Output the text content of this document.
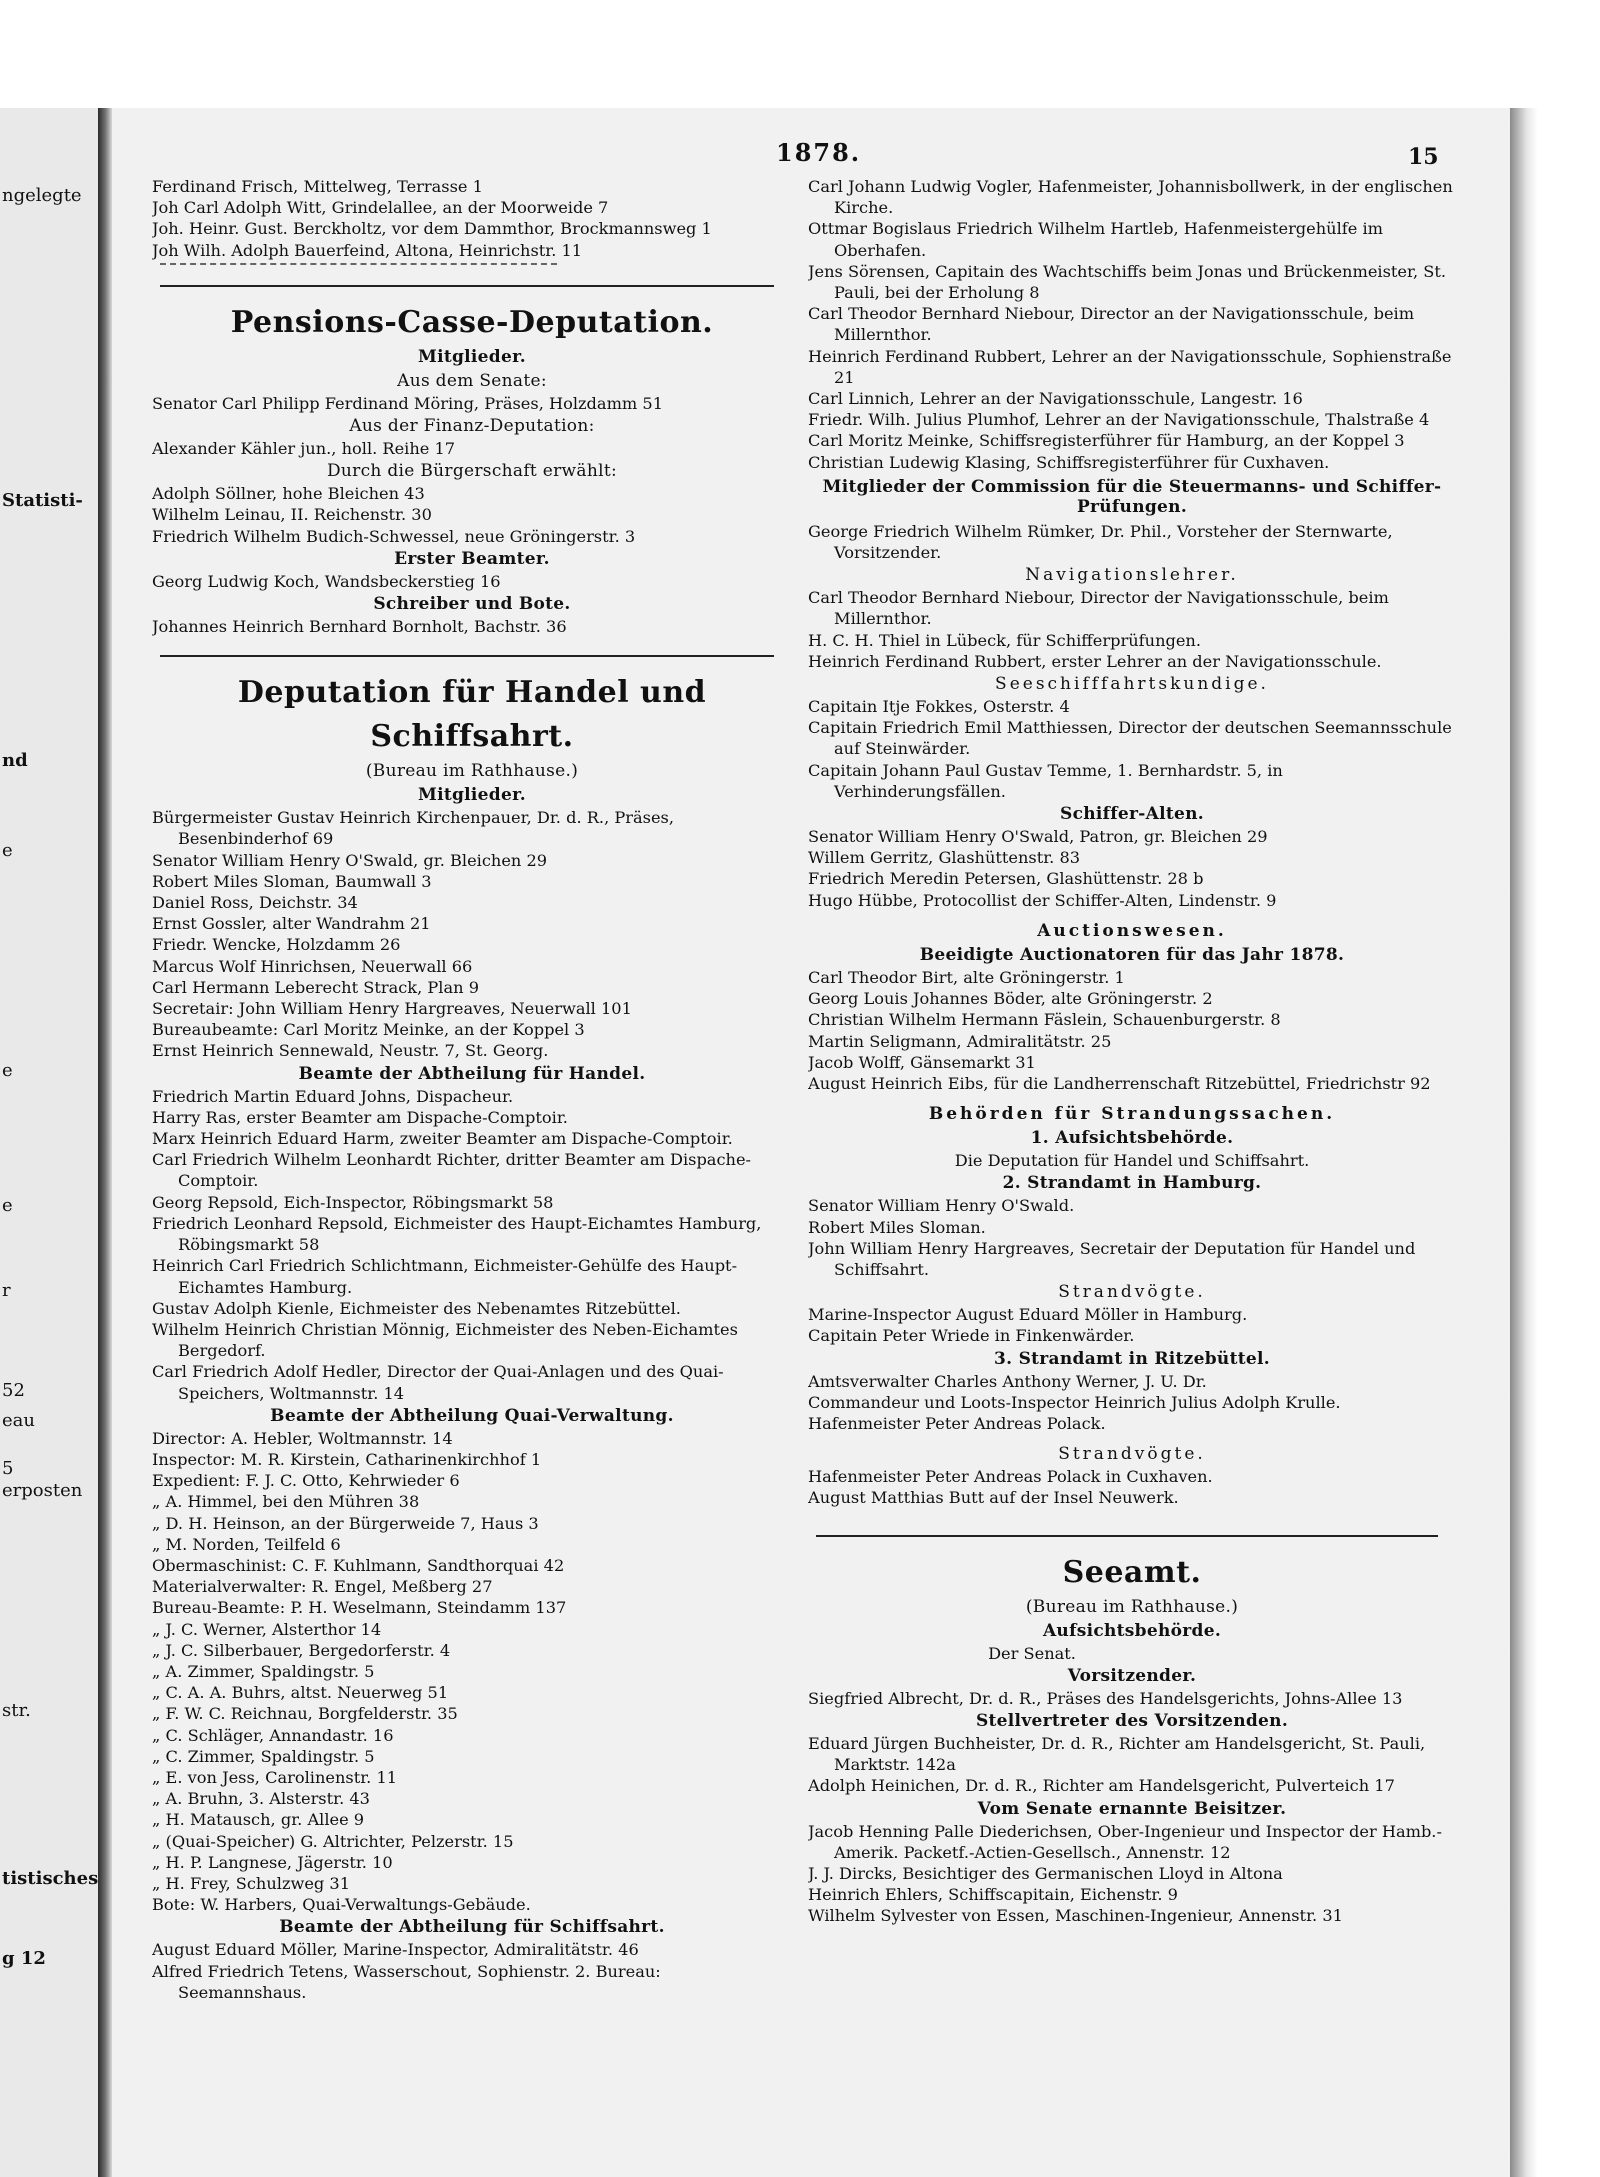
ngelegte
Statisti-
nd
e
e
e
r
52
eau
5
erposten
str.
tistisches
g 12
1878.	15
Ferdinand Frisch, Mittelweg, Terrasse 1
Joh Carl Adolph Witt, Grindelallee, an der Moorweide 7
Joh. Heinr. Gust. Berckholtz, vor dem Dammthor, Brockmannsweg 1
Joh Wilh. Adolph Bauerfeind, Altona, Heinrichstr. 11
Pensions-Casse-Deputation.
Mitglieder.
Aus dem Senate:
Senator Carl Philipp Ferdinand Möring, Präses, Holzdamm 51
Aus der Finanz-Deputation:
Alexander Kähler jun., holl. Reihe 17
Durch die Bürgerschaft erwählt:
Adolph Söllner, hohe Bleichen 43
Wilhelm Leinau, II. Reichenstr. 30
Friedrich Wilhelm Budich-Schwessel, neue Gröningerstr. 3
Erster Beamter.
Georg Ludwig Koch, Wandsbeckerstieg 16
Schreiber und Bote.
Johannes Heinrich Bernhard Bornholt, Bachstr. 36
Deputation für Handel und Schiffsahrt.
(Bureau im Rathhause.)
Mitglieder.
Bürgermeister Gustav Heinrich Kirchenpauer, Dr. d. R., Präses, Besenbinderhof 69
Senator William Henry O'Swald, gr. Bleichen 29
Robert Miles Sloman, Baumwall 3
Daniel Ross, Deichstr. 34
Ernst Gossler, alter Wandrahm 21
Friedr. Wencke, Holzdamm 26
Marcus Wolf Hinrichsen, Neuerwall 66
Carl Hermann Leberecht Strack, Plan 9
Secretair: John William Henry Hargreaves, Neuerwall 101
Bureaubeamte: Carl Moritz Meinke, an der Koppel 3
Ernst Heinrich Sennewald, Neustr. 7, St. Georg.
Beamte der Abtheilung für Handel.
Friedrich Martin Eduard Johns, Dispacheur.
Harry Ras, erster Beamter am Dispache-Comptoir.
Marx Heinrich Eduard Harm, zweiter Beamter am Dispache-Comptoir.
Carl Friedrich Wilhelm Leonhardt Richter, dritter Beamter am Dispache-Comptoir.
Georg Repsold, Eich-Inspector, Röbingsmarkt 58
Friedrich Leonhard Repsold, Eichmeister des Haupt-Eichamtes Hamburg, Röbingsmarkt 58
Heinrich Carl Friedrich Schlichtmann, Eichmeister-Gehülfe des Haupt-Eichamtes Hamburg.
Gustav Adolph Kienle, Eichmeister des Nebenamtes Ritzebüttel.
Wilhelm Heinrich Christian Mönnig, Eichmeister des Neben-Eichamtes Bergedorf.
Carl Friedrich Adolf Hedler, Director der Quai-Anlagen und des Quai-Speichers, Woltmannstr. 14
Beamte der Abtheilung Quai-Verwaltung.
Director: A. Hebler, Woltmannstr. 14
Inspector: M. R. Kirstein, Catharinenkirchhof 1
Expedient: F. J. C. Otto, Kehrwieder 6
„ A. Himmel, bei den Mühren 38
„ D. H. Heinson, an der Bürgerweide 7, Haus 3
„ M. Norden, Teilfeld 6
Obermaschinist: C. F. Kuhlmann, Sandthorquai 42
Materialverwalter: R. Engel, Meßberg 27
Bureau-Beamte: P. H. Weselmann, Steindamm 137
„ J. C. Werner, Alsterthor 14
„ J. C. Silberbauer, Bergedorferstr. 4
„ A. Zimmer, Spaldingstr. 5
„ C. A. A. Buhrs, altst. Neuerweg 51
„ F. W. C. Reichnau, Borgfelderstr. 35
„ C. Schläger, Annandastr. 16
„ C. Zimmer, Spaldingstr. 5
„ E. von Jess, Carolinenstr. 11
„ A. Bruhn, 3. Alsterstr. 43
„ H. Matausch, gr. Allee 9
„ (Quai-Speicher) G. Altrichter, Pelzerstr. 15
„ H. P. Langnese, Jägerstr. 10
„ H. Frey, Schulzweg 31
Bote: W. Harbers, Quai-Verwaltungs-Gebäude.
Beamte der Abtheilung für Schiffsahrt.
August Eduard Möller, Marine-Inspector, Admiralitätstr. 46
Alfred Friedrich Tetens, Wasserschout, Sophienstr. 2. Bureau: Seemannshaus.
Carl Johann Ludwig Vogler, Hafenmeister, Johannisbollwerk, in der englischen Kirche.
Ottmar Bogislaus Friedrich Wilhelm Hartleb, Hafenmeistergehülfe im Oberhafen.
Jens Sörensen, Capitain des Wachtschiffs beim Jonas und Brückenmeister, St. Pauli, bei der Erholung 8
Carl Theodor Bernhard Niebour, Director an der Navigationsschule, beim Millernthor.
Heinrich Ferdinand Rubbert, Lehrer an der Navigationsschule, Sophienstraße 21
Carl Linnich, Lehrer an der Navigationsschule, Langestr. 16
Friedr. Wilh. Julius Plumhof, Lehrer an der Navigationsschule, Thalstraße 4
Carl Moritz Meinke, Schiffsregisterführer für Hamburg, an der Koppel 3
Christian Ludewig Klasing, Schiffsregisterführer für Cuxhaven.
Mitglieder der Commission für die Steuermanns- und Schiffer-Prüfungen.
George Friedrich Wilhelm Rümker, Dr. Phil., Vorsteher der Sternwarte, Vorsitzender.
Navigationslehrer.
Carl Theodor Bernhard Niebour, Director der Navigationsschule, beim Millernthor.
H. C. H. Thiel in Lübeck, für Schifferprüfungen.
Heinrich Ferdinand Rubbert, erster Lehrer an der Navigationsschule.
Seeschifffahrtskundige.
Capitain Itje Fokkes, Osterstr. 4
Capitain Friedrich Emil Matthiessen, Director der deutschen Seemannsschule auf Steinwärder.
Capitain Johann Paul Gustav Temme, 1. Bernhardstr. 5, in Verhinderungsfällen.
Schiffer-Alten.
Senator William Henry O'Swald, Patron, gr. Bleichen 29
Willem Gerritz, Glashüttenstr. 83
Friedrich Meredin Petersen, Glashüttenstr. 28 b
Hugo Hübbe, Protocollist der Schiffer-Alten, Lindenstr. 9
Auctionswesen.
Beeidigte Auctionatoren für das Jahr 1878.
Carl Theodor Birt, alte Gröningerstr. 1
Georg Louis Johannes Böder, alte Gröningerstr. 2
Christian Wilhelm Hermann Fäslein, Schauenburgerstr. 8
Martin Seligmann, Admiralitätstr. 25
Jacob Wolff, Gänsemarkt 31
August Heinrich Eibs, für die Landherrenschaft Ritzebüttel, Friedrichstr 92
Behörden für Strandungssachen.
1. Aufsichtsbehörde.
Die Deputation für Handel und Schiffsahrt.
2. Strandamt in Hamburg.
Senator William Henry O'Swald.
Robert Miles Sloman.
John William Henry Hargreaves, Secretair der Deputation für Handel und Schiffsahrt.
Strandvögte.
Marine-Inspector August Eduard Möller in Hamburg.
Capitain Peter Wriede in Finkenwärder.
3. Strandamt in Ritzebüttel.
Amtsverwalter Charles Anthony Werner, J. U. Dr.
Commandeur und Loots-Inspector Heinrich Julius Adolph Krulle.
Hafenmeister Peter Andreas Polack.
Strandvögte.
Hafenmeister Peter Andreas Polack in Cuxhaven.
August Matthias Butt auf der Insel Neuwerk.
Seeamt.
(Bureau im Rathhause.)
Aufsichtsbehörde.
Der Senat.
Vorsitzender.
Siegfried Albrecht, Dr. d. R., Präses des Handelsgerichts, Johns-Allee 13
Stellvertreter des Vorsitzenden.
Eduard Jürgen Buchheister, Dr. d. R., Richter am Handelsgericht, St. Pauli, Marktstr. 142a
Adolph Heinichen, Dr. d. R., Richter am Handelsgericht, Pulverteich 17
Vom Senate ernannte Beisitzer.
Jacob Henning Palle Diederichsen, Ober-Ingenieur und Inspector der Hamb.-Amerik. Packetf.-Actien-Gesellsch., Annenstr. 12
J. J. Dircks, Besichtiger des Germanischen Lloyd in Altona
Heinrich Ehlers, Schiffscapitain, Eichenstr. 9
Wilhelm Sylvester von Essen, Maschinen-Ingenieur, Annenstr. 31
